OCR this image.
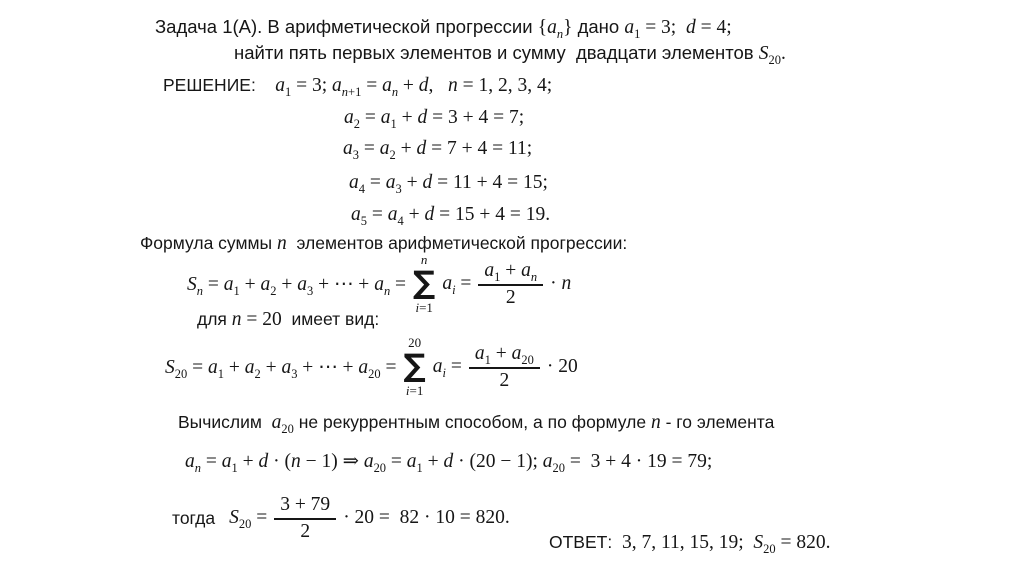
Задача 1(А). В арифметической прогрессии $\{a_n\}$ дано $a_1 = 3$;  d = 4;
найти пять первых элементов и сумму  двадцати элементов $S_{20}$.
РЕШЕНИЕ:    $a_1 = 3$; $a_{n+1} = a_n + d$,   n = 1, 2, 3, 4;
$a_2 = a_1 + d = 3 + 4 = 7$;
$a_3 = a_2 + d = 7 + 4 = 11$;
$a_4 = a_3 + d = 11 + 4 = 15$;
$a_5 = a_4 + d = 15 + 4 = 19$.
Формула суммы n  элементов арифметической прогрессии:
$S_n = a_1 + a_2 + a_3$ + ⋯ + $a_n$ =
n
∑
i=1
$a_i = \frac{a_1 + a_n}{2} \cdot n$
для n = 20  имеет вид:
$S_{20} = a_1 + a_2 + a_3$ + ⋯ + $a_{20}$ =
20
∑
i=1
$a_i = \frac{a_1 + a_{20}}{2} \cdot 20$
Вычислим  $a_{20}$ не рекуррентным способом, а по формуле n - го элемента
$a_n = a_1 + d \cdot (n - 1)$ ⇒ $a_{20} = a_1 + d \cdot (20 - 1)$; $a_{20} = 3 + 4 \cdot 19 = 79$;
тогда $S_{20} = \frac{3 + 79}{2} \cdot 20 = 82 \cdot 10 = 820$.
ОТВЕТ:  3, 7, 11, 15, 19;  $S_{20} = 820$.
